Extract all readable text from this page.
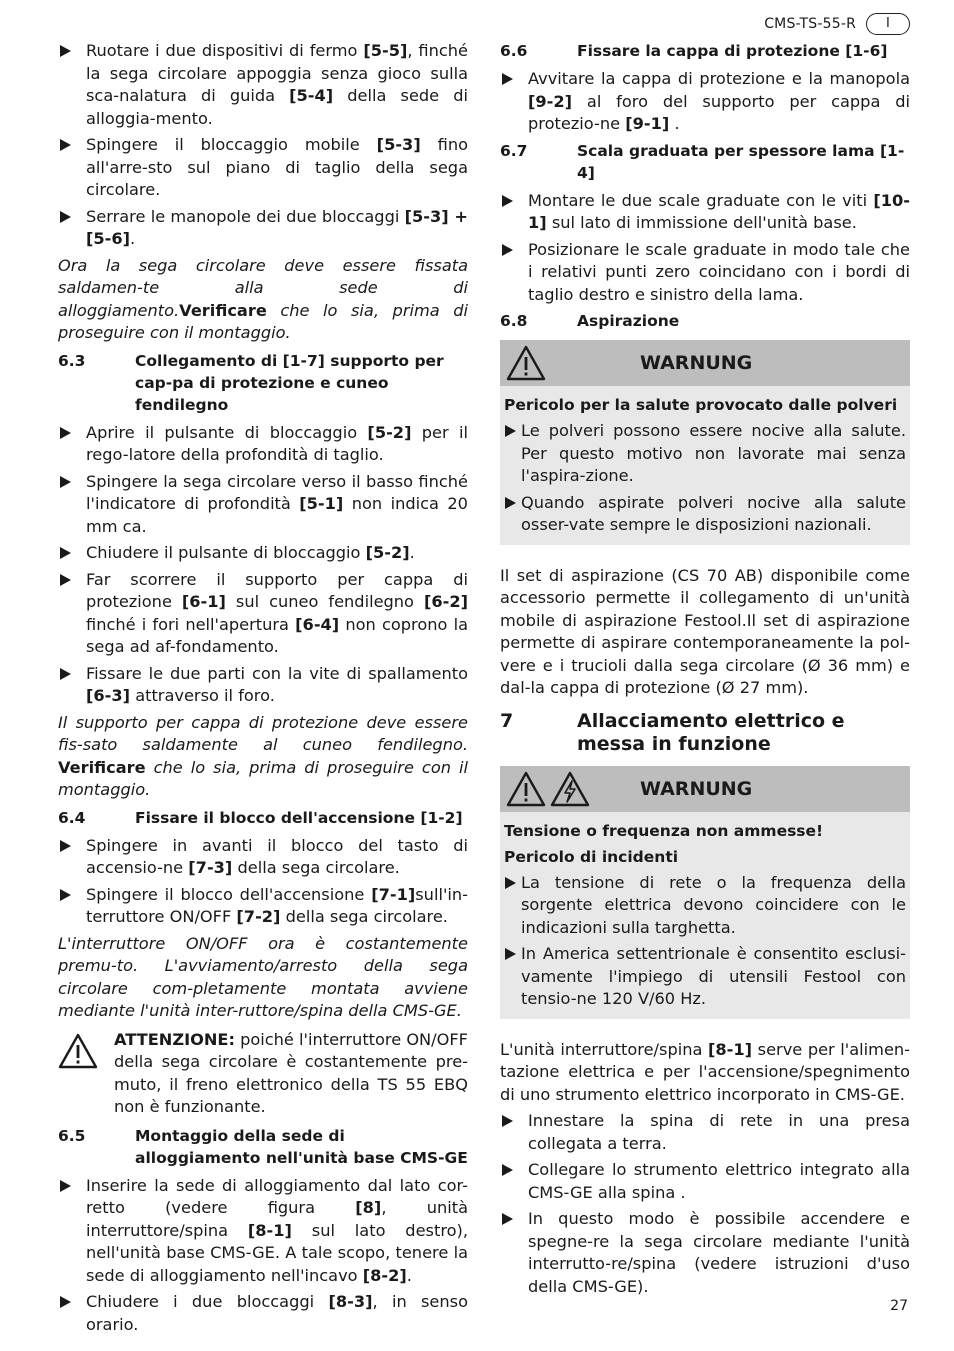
CMS-TS-55-R	I
Ruotare i due dispositivi di fermo [5-5], finché la sega circolare appoggia senza gioco sulla sca-nalatura di guida [5-4] della sede di alloggia-mento.
Spingere il bloccaggio mobile [5-3] fino all'arre-sto sul piano di taglio della sega circolare.
Serrare le manopole dei due bloccaggi [5-3] + [5-6].

Ora la sega circolare deve essere fissata saldamen-te alla sede di alloggiamento.Verificare che lo sia, prima di proseguire con il montaggio.

6.3	Collegamento di [1-7] supporto per cap-pa di protezione e cuneo fendilegno
Aprire il pulsante di bloccaggio [5-2] per il rego-latore della profondità di taglio.
Spingere la sega circolare verso il basso finché l'indicatore di profondità [5-1] non indica 20 mm ca.
Chiudere il pulsante di bloccaggio [5-2].
Far scorrere il supporto per cappa di protezione [6-1] sul cuneo fendilegno [6-2] finché i fori nell'apertura [6-4] non coprono la sega ad af-fondamento.
Fissare le due parti con la vite di spallamento [6-3] attraverso il foro.

Il supporto per cappa di protezione deve essere fis-sato saldamente al cuneo fendilegno. Verificare che lo sia, prima di proseguire con il montaggio.

6.4	Fissare il blocco dell'accensione [1-2]
Spingere in avanti il blocco del tasto di accensio-ne [7-3] della sega circolare.
Spingere il blocco dell'accensione [7-1]sull'in-terruttore ON/OFF [7-2] della sega circolare.

L'interruttore ON/OFF ora è costantemente premu-to. L'avviamento/arresto della sega circolare com-pletamente montata avviene mediante l'unità inter-ruttore/spina della CMS-GE.

ATTENZIONE: poiché l'interruttore ON/OFF della sega circolare è costantemente pre-muto, il freno elettronico della TS 55 EBQ non è funzionante.
6.5	Montaggio della sede di alloggiamento nell'unità base CMS-GE
Inserire la sede di alloggiamento dal lato cor-retto (vedere figura [8], unità interruttore/spina [8-1] sul lato destro), nell'unità base CMS-GE. A tale scopo, tenere la sede di alloggiamento nell'incavo [8-2].
Chiudere i due bloccaggi [8-3], in senso orario.
6.6	Fissare la cappa di protezione [1-6]
Avvitare la cappa di protezione e la manopola [9-2] al foro del supporto per cappa di protezio-ne [9-1] .
6.7	Scala graduata per spessore lama [1-4]
Montare le due scale graduate con le viti [10-1] sul lato di immissione dell'unità base.
Posizionare le scale graduate in modo tale che i relativi punti zero coincidano con i bordi di taglio destro e sinistro della lama.
6.8	Aspirazione
WARNUNG
Pericolo per la salute provocato dalle polveri
Le polveri possono essere nocive alla salute. Per questo motivo non lavorate mai senza l'aspira-zione.
Quando aspirate polveri nocive alla salute osser-vate sempre le disposizioni nazionali.

Il set di aspirazione (CS 70 AB) disponibile come accessorio permette il collegamento di un'unità mobile di aspirazione Festool.Il set di aspirazione permette di aspirare contemporaneamente la pol-vere e i trucioli dalla sega circolare (Ø 36 mm) e dal-la cappa di protezione (Ø 27 mm).

7	Allacciamento elettrico e messa in funzione
WARNUNG
Tensione o frequenza non ammesse!
Pericolo di incidenti
La tensione di rete o la frequenza della sorgente elettrica devono coincidere con le indicazioni sulla targhetta.
In America settentrionale è consentito esclusi-vamente l'impiego di utensili Festool con tensio-ne 120 V/60 Hz.

L'unità interruttore/spina [8-1] serve per l'alimen-tazione elettrica e per l'accensione/spegnimento di uno strumento elettrico incorporato in CMS-GE.

Innestare la spina di rete in una presa collegata a terra.
Collegare lo strumento elettrico integrato alla CMS-GE alla spina .
In questo modo è possibile accendere e spegne-re la sega circolare mediante l'unità interrutto-re/spina (vedere istruzioni d'uso della CMS-GE).
27
